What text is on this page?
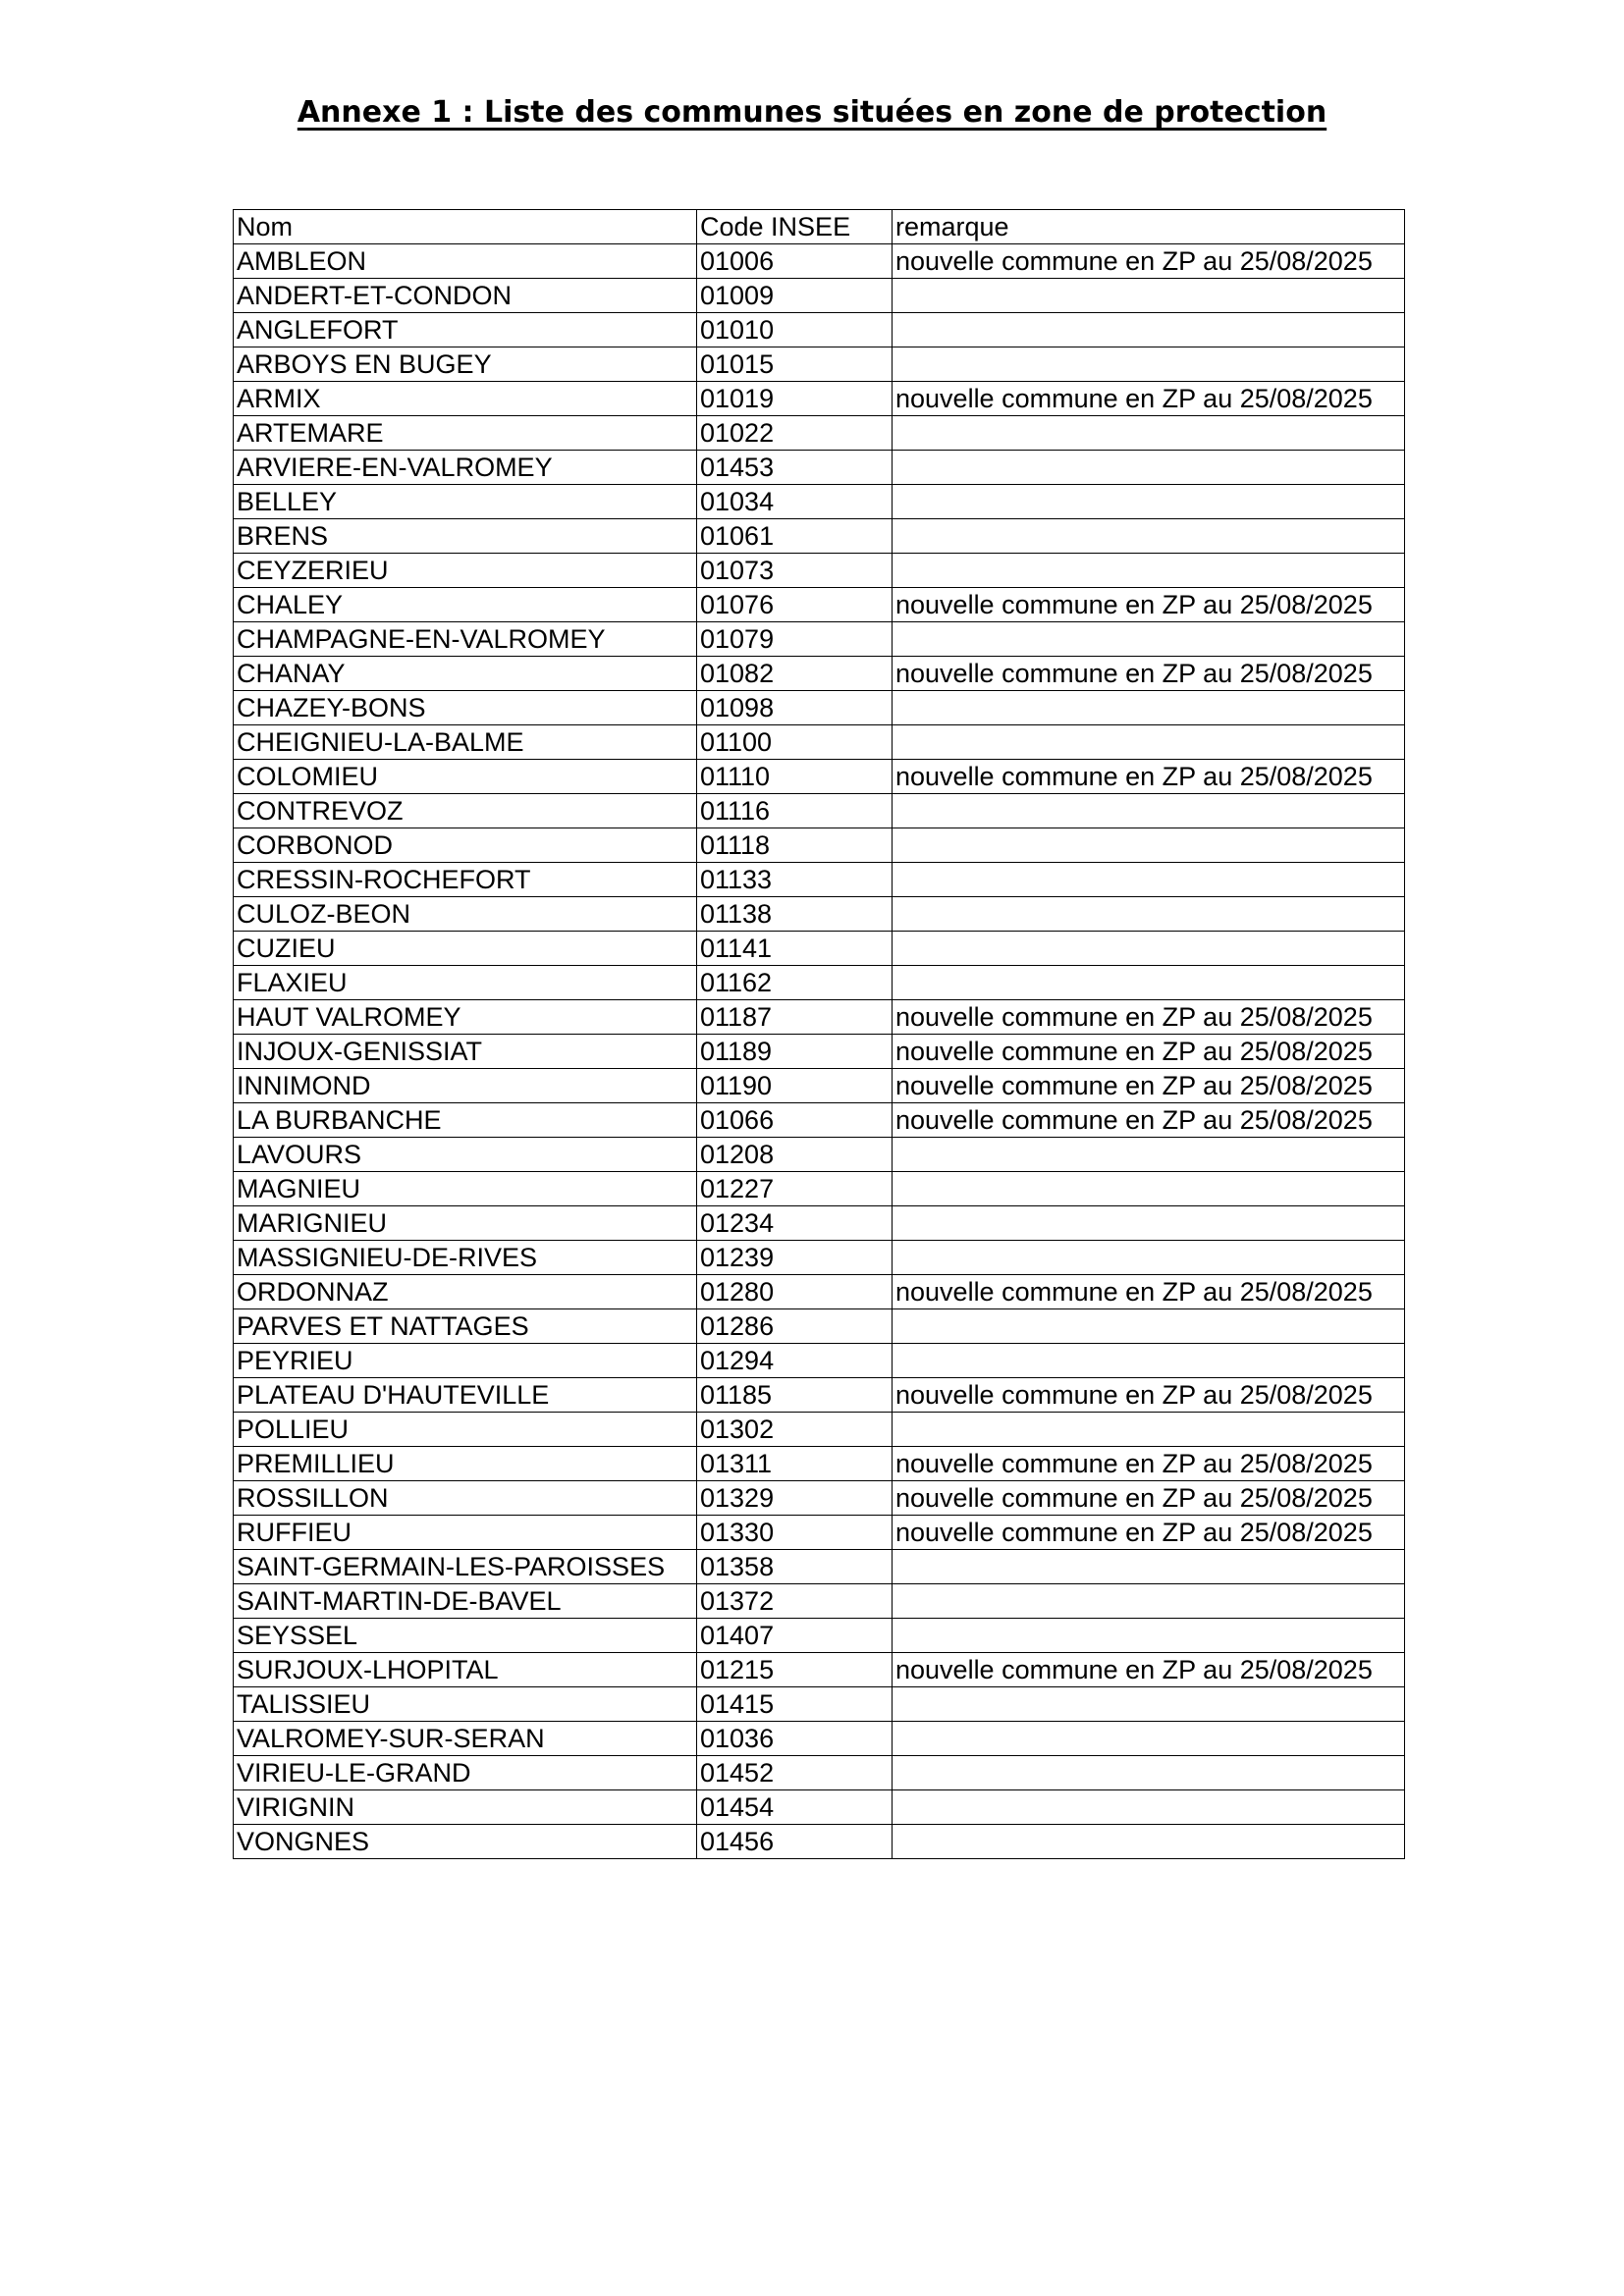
Annexe 1 : Liste des communes situées en zone de protection
Nom	Code INSEE	remarque
AMBLEON	01006	nouvelle commune en ZP au 25/08/2025
ANDERT-ET-CONDON	01009	
ANGLEFORT	01010	
ARBOYS EN BUGEY	01015	
ARMIX	01019	nouvelle commune en ZP au 25/08/2025
ARTEMARE	01022	
ARVIERE-EN-VALROMEY	01453	
BELLEY	01034	
BRENS	01061	
CEYZERIEU	01073	
CHALEY	01076	nouvelle commune en ZP au 25/08/2025
CHAMPAGNE-EN-VALROMEY	01079	
CHANAY	01082	nouvelle commune en ZP au 25/08/2025
CHAZEY-BONS	01098	
CHEIGNIEU-LA-BALME	01100	
COLOMIEU	01110	nouvelle commune en ZP au 25/08/2025
CONTREVOZ	01116	
CORBONOD	01118	
CRESSIN-ROCHEFORT	01133	
CULOZ-BEON	01138	
CUZIEU	01141	
FLAXIEU	01162	
HAUT VALROMEY	01187	nouvelle commune en ZP au 25/08/2025
INJOUX-GENISSIAT	01189	nouvelle commune en ZP au 25/08/2025
INNIMOND	01190	nouvelle commune en ZP au 25/08/2025
LA BURBANCHE	01066	nouvelle commune en ZP au 25/08/2025
LAVOURS	01208	
MAGNIEU	01227	
MARIGNIEU	01234	
MASSIGNIEU-DE-RIVES	01239	
ORDONNAZ	01280	nouvelle commune en ZP au 25/08/2025
PARVES ET NATTAGES	01286	
PEYRIEU	01294	
PLATEAU D'HAUTEVILLE	01185	nouvelle commune en ZP au 25/08/2025
POLLIEU	01302	
PREMILLIEU	01311	nouvelle commune en ZP au 25/08/2025
ROSSILLON	01329	nouvelle commune en ZP au 25/08/2025
RUFFIEU	01330	nouvelle commune en ZP au 25/08/2025
SAINT-GERMAIN-LES-PAROISSES	01358	
SAINT-MARTIN-DE-BAVEL	01372	
SEYSSEL	01407	
SURJOUX-LHOPITAL	01215	nouvelle commune en ZP au 25/08/2025
TALISSIEU	01415	
VALROMEY-SUR-SERAN	01036	
VIRIEU-LE-GRAND	01452	
VIRIGNIN	01454	
VONGNES	01456	
